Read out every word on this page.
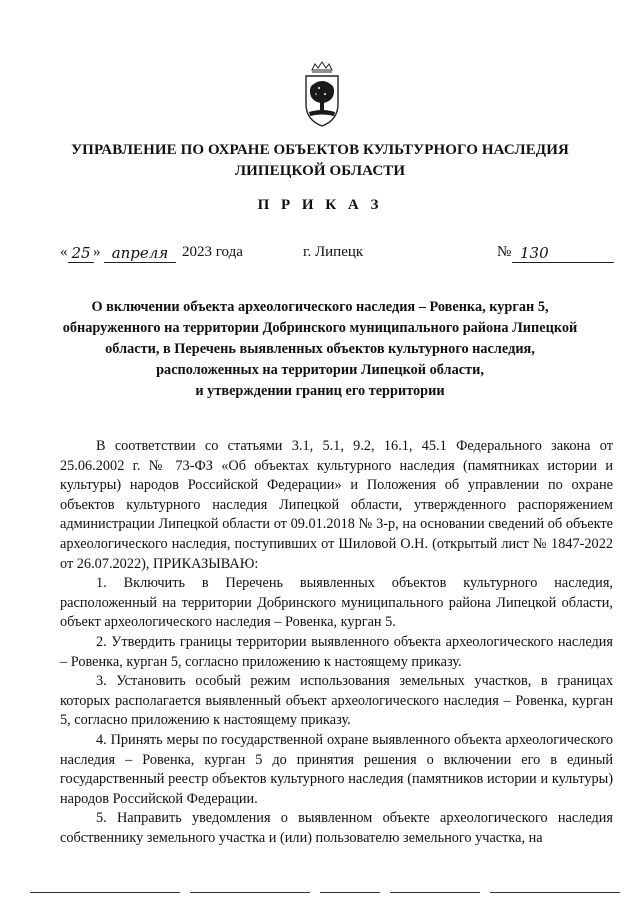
УПРАВЛЕНИЕ ПО ОХРАНЕ ОБЪЕКТОВ КУЛЬТУРНОГО НАСЛЕДИЯ
ЛИПЕЦКОЙ ОБЛАСТИ
П Р И К А З
« 25 » апреля 2023 года	г. Липецк	№ 130
О включении объекта археологического наследия – Ровенка, курган 5,
обнаруженного на территории Добринского муниципального района Липецкой
области, в Перечень выявленных объектов культурного наследия,
расположенных на территории Липецкой области,
и утверждении границ его территории

В соответствии со статьями 3.1, 5.1, 9.2, 16.1, 45.1 Федерального закона от 25.06.2002 г. № 73-ФЗ «Об объектах культурного наследия (памятниках истории и культуры) народов Российской Федерации» и Положения об управлении по охране объектов культурного наследия Липецкой области, утвержденного распоряжением администрации Липецкой области от 09.01.2018 № 3-р, на основании сведений об объекте археологического наследия, поступивших от Шиловой О.Н. (открытый лист № 1847-2022 от 26.07.2022), ПРИКАЗЫВАЮ:

1. Включить в Перечень выявленных объектов культурного наследия, расположенный на территории Добринского муниципального района Липецкой области, объект археологического наследия – Ровенка, курган 5.

2. Утвердить границы территории выявленного объекта археологического наследия – Ровенка, курган 5, согласно приложению к настоящему приказу.

3. Установить особый режим использования земельных участков, в границах которых располагается выявленный объект археологического наследия – Ровенка, курган 5, согласно приложению к настоящему приказу.

4. Принять меры по государственной охране выявленного объекта археологического наследия – Ровенка, курган 5 до принятия решения о включении его в единый государственный реестр объектов культурного наследия (памятников истории и культуры) народов Российской Федерации.

5. Направить уведомления о выявленном объекте археологического наследия собственнику земельного участка и (или) пользователю земельного участка, на
